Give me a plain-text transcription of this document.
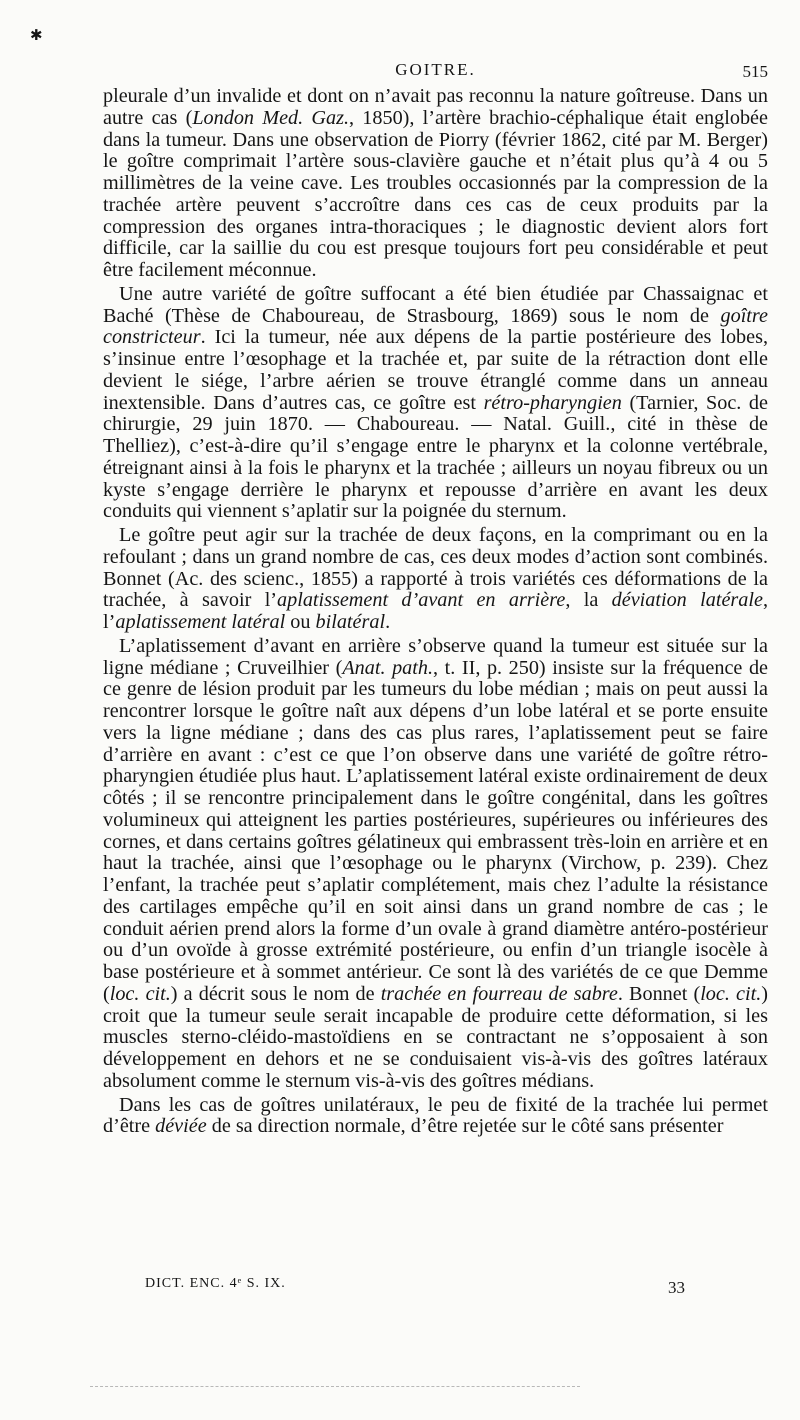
✱
GOITRE.	515

pleurale d’un invalide et dont on n’avait pas reconnu la nature goîtreuse. Dans un autre cas (London Med. Gaz., 1850), l’artère brachio-céphalique était englobée dans la tumeur. Dans une observation de Piorry (février 1862, cité par M. Berger) le goître comprimait l’artère sous-clavière gauche et n’était plus qu’à 4 ou 5 millimètres de la veine cave. Les troubles occasionnés par la compression de la trachée artère peuvent s’accroître dans ces cas de ceux produits par la compression des organes intra-thoraciques ; le diagnostic devient alors fort difficile, car la saillie du cou est presque toujours fort peu considérable et peut être facilement méconnue.

Une autre variété de goître suffocant a été bien étudiée par Chassaignac et Baché (Thèse de Chaboureau, de Strasbourg, 1869) sous le nom de goître constricteur. Ici la tumeur, née aux dépens de la partie postérieure des lobes, s’insinue entre l’œsophage et la trachée et, par suite de la rétraction dont elle devient le siége, l’arbre aérien se trouve étranglé comme dans un anneau inextensible. Dans d’autres cas, ce goître est rétro-pharyngien (Tarnier, Soc. de chirurgie, 29 juin 1870. — Chaboureau. — Natal. Guill., cité in thèse de Thelliez), c’est-à-dire qu’il s’engage entre le pharynx et la colonne vertébrale, étreignant ainsi à la fois le pharynx et la trachée ; ailleurs un noyau fibreux ou un kyste s’engage derrière le pharynx et repousse d’arrière en avant les deux conduits qui viennent s’aplatir sur la poignée du sternum.

Le goître peut agir sur la trachée de deux façons, en la comprimant ou en la refoulant ; dans un grand nombre de cas, ces deux modes d’action sont combinés. Bonnet (Ac. des scienc., 1855) a rapporté à trois variétés ces déformations de la trachée, à savoir l’aplatissement d’avant en arrière, la déviation latérale, l’aplatissement latéral ou bilatéral.

L’aplatissement d’avant en arrière s’observe quand la tumeur est située sur la ligne médiane ; Cruveilhier (Anat. path., t. II, p. 250) insiste sur la fréquence de ce genre de lésion produit par les tumeurs du lobe médian ; mais on peut aussi la rencontrer lorsque le goître naît aux dépens d’un lobe latéral et se porte ensuite vers la ligne médiane ; dans des cas plus rares, l’aplatissement peut se faire d’arrière en avant : c’est ce que l’on observe dans une variété de goître rétro-pharyngien étudiée plus haut. L’aplatissement latéral existe ordinairement de deux côtés ; il se rencontre principalement dans le goître congénital, dans les goîtres volumineux qui atteignent les parties postérieures, supérieures ou inférieures des cornes, et dans certains goîtres gélatineux qui embrassent très-loin en arrière et en haut la trachée, ainsi que l’œsophage ou le pharynx (Virchow, p. 239). Chez l’enfant, la trachée peut s’aplatir complétement, mais chez l’adulte la résistance des cartilages empêche qu’il en soit ainsi dans un grand nombre de cas ; le conduit aérien prend alors la forme d’un ovale à grand diamètre antéro-postérieur ou d’un ovoïde à grosse extrémité postérieure, ou enfin d’un triangle isocèle à base postérieure et à sommet antérieur. Ce sont là des variétés de ce que Demme (loc. cit.) a décrit sous le nom de trachée en fourreau de sabre. Bonnet (loc. cit.) croit que la tumeur seule serait incapable de produire cette déformation, si les muscles sterno-cléido-mastoïdiens en se contractant ne s’opposaient à son développement en dehors et ne se conduisaient vis-à-vis des goîtres latéraux absolument comme le sternum vis-à-vis des goîtres médians.

Dans les cas de goîtres unilatéraux, le peu de fixité de la trachée lui permet d’être déviée de sa direction normale, d’être rejetée sur le côté sans présenter

DICT. ENC. 4ᵉ S. IX.	33
